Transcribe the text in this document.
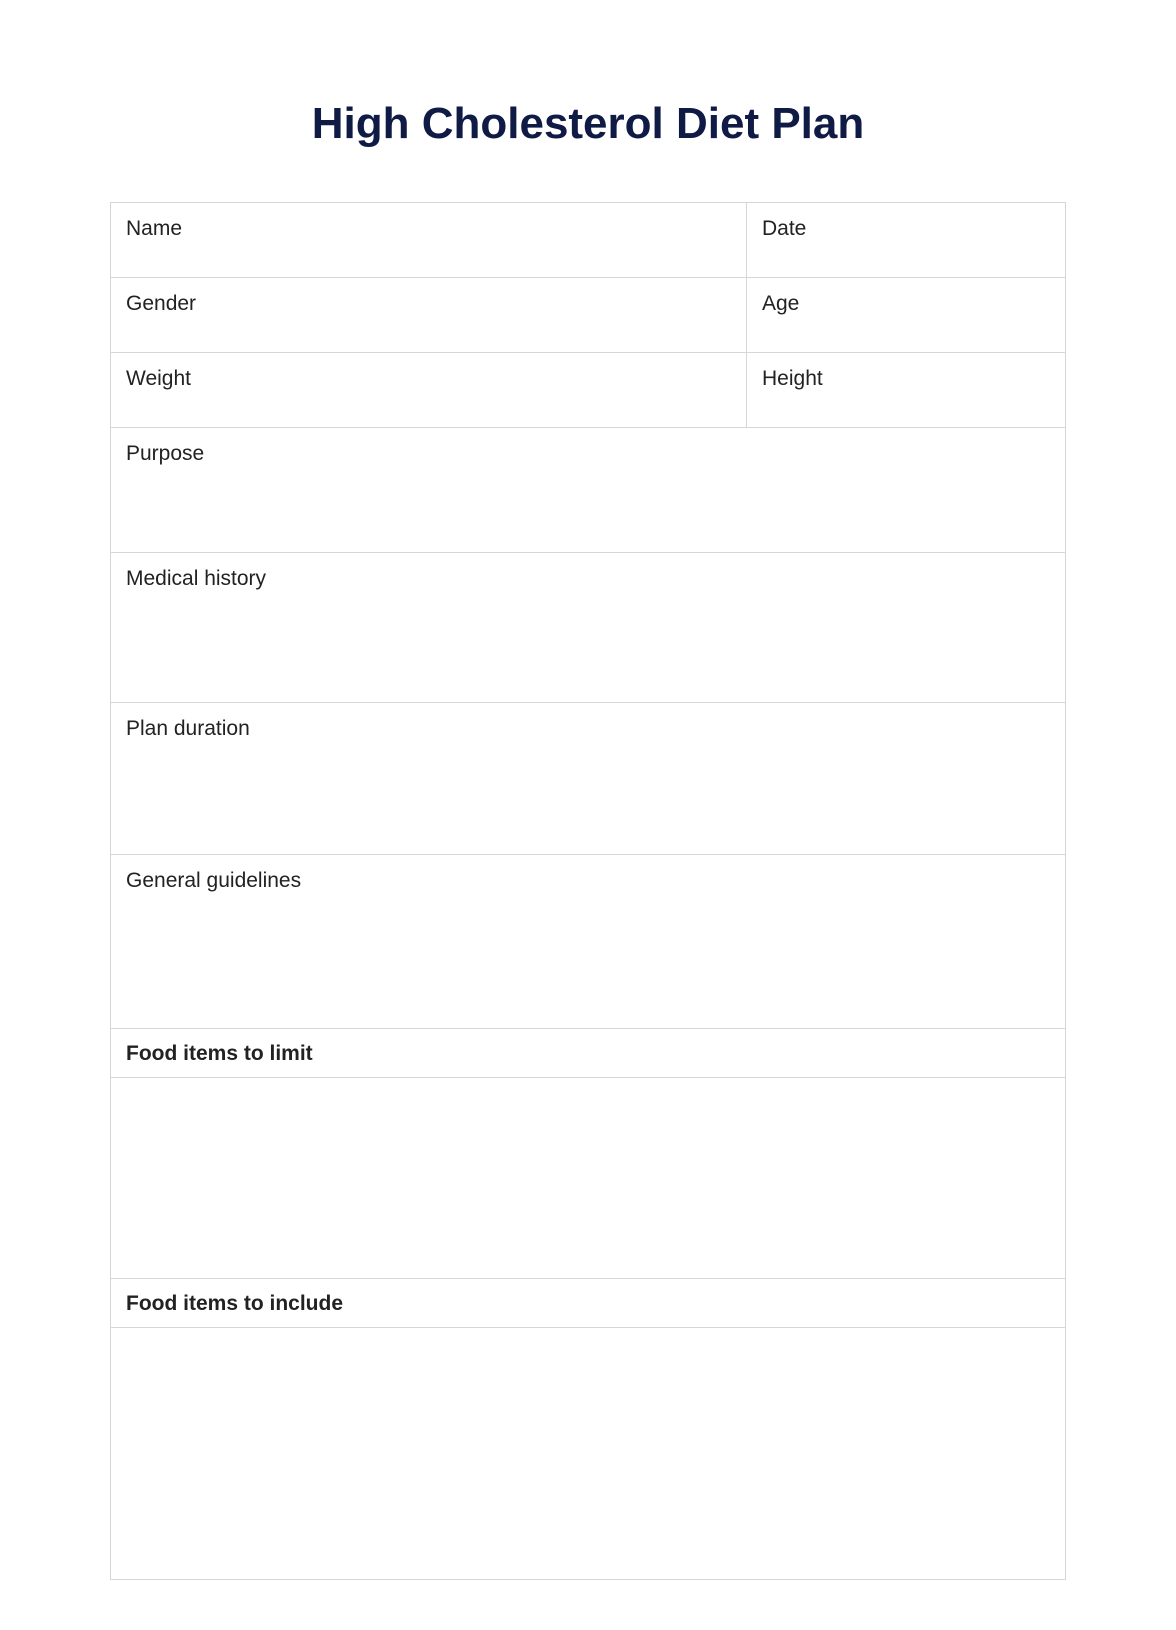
High Cholesterol Diet Plan
Name	Date

Gender	Age

Weight	Height

Purpose	

Medical history	

Plan duration	

General guidelines	

Food items to limit	

Food items to include	
